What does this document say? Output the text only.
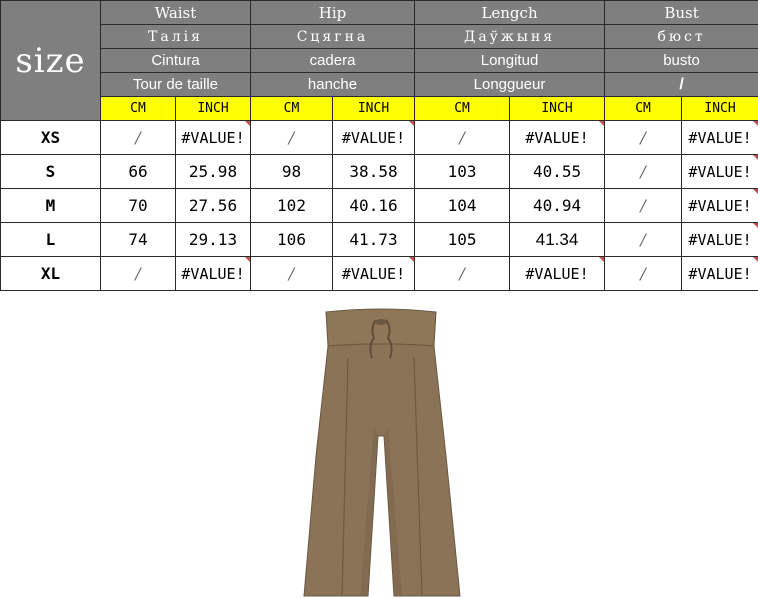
size	Waist		Hip		Lengch		Bust	
	Талія		Сцягна		Даўжыня		бюст	
	Cintura		cadera		Longitud		busto	
	Tour de taille		hanche		Longgueur		/	
	CM	INCH	CM	INCH	CM	INCH	CM	INCH
XS	/	#VALUE!	/	#VALUE!	/	#VALUE!	/	#VALUE!
S	66	25.98	98	38.58	103	40.55	/	#VALUE!
M	70	27.56	102	40.16	104	40.94	/	#VALUE!
L	74	29.13	106	41.73	105	41.34	/	#VALUE!
XL	/	#VALUE!	/	#VALUE!	/	#VALUE!	/	#VALUE!
